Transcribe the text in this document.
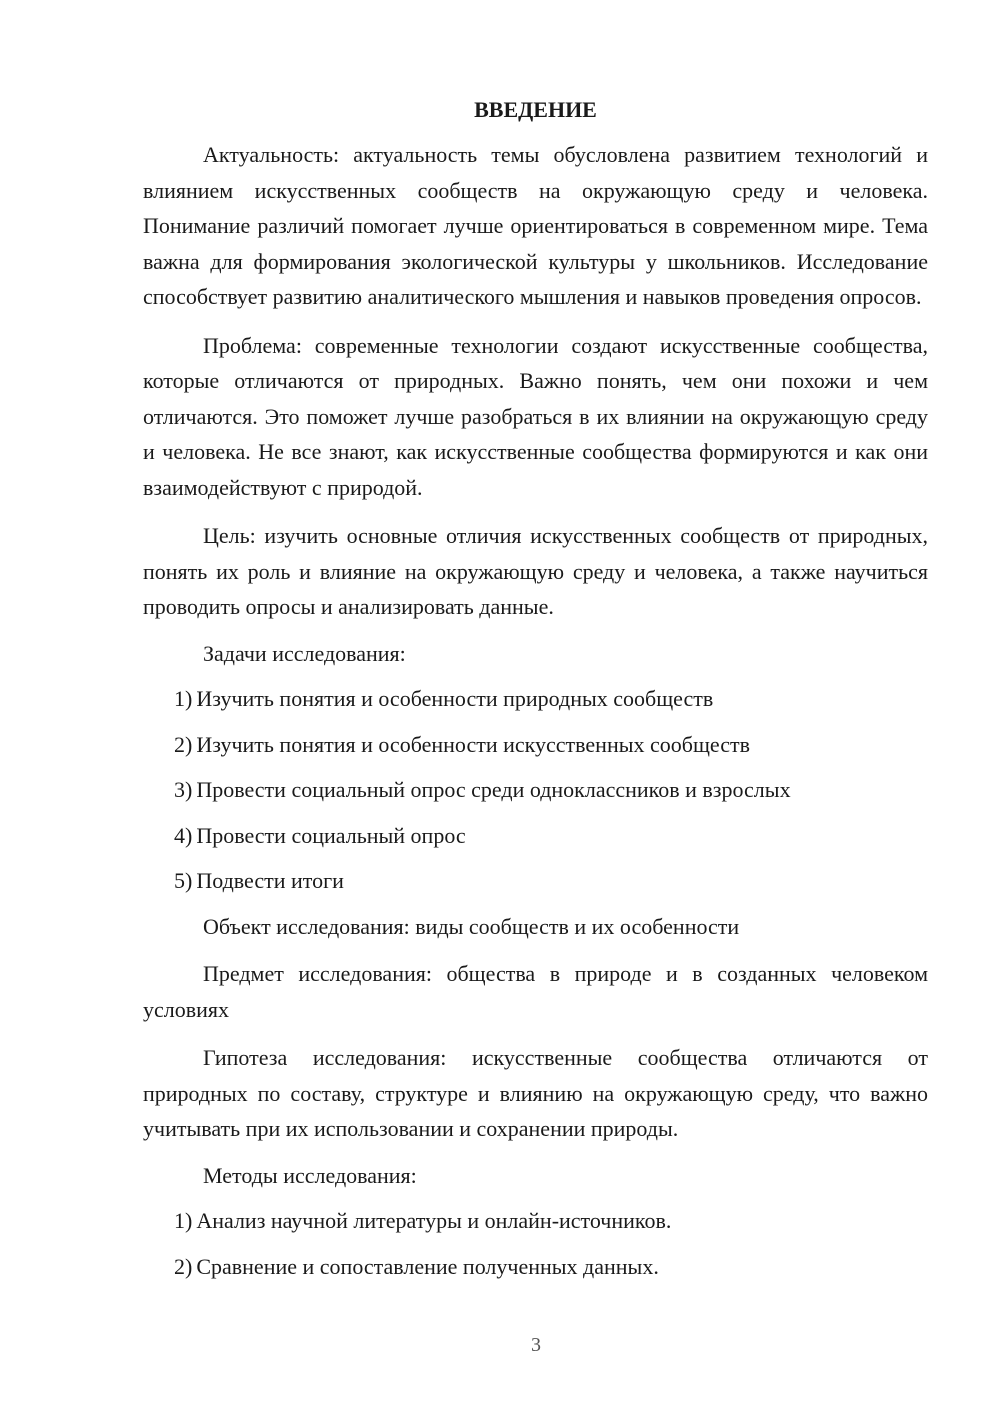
ВВЕДЕНИЕ

Актуальность: актуальность темы обусловлена развитием технологий и влиянием искусственных сообществ на окружающую среду и человека. Понимание различий помогает лучше ориентироваться в современном мире. Тема важна для формирования экологической культуры у школьников. Исследование способствует развитию аналитического мышления и навыков проведения опросов.

Проблема: современные технологии создают искусственные сообщества, которые отличаются от природных. Важно понять, чем они похожи и чем отличаются. Это поможет лучше разобраться в их влиянии на окружающую среду и человека. Не все знают, как искусственные сообщества формируются и как они взаимодействуют с природой.

Цель: изучить основные отличия искусственных сообществ от природных, понять их роль и влияние на окружающую среду и человека, а также научиться проводить опросы и анализировать данные.

Задачи исследования:
1) Изучить понятия и особенности природных сообществ
2) Изучить понятия и особенности искусственных сообществ
3) Провести социальный опрос среди одноклассников и взрослых
4) Провести социальный опрос
5) Подвести итоги
Объект исследования: виды сообществ и их особенности

Предмет исследования: общества в природе и в созданных человеком условиях

Гипотеза исследования: искусственные сообщества отличаются от природных по составу, структуре и влиянию на окружающую среду, что важно учитывать при их использовании и сохранении природы.

Методы исследования:
1) Анализ научной литературы и онлайн-источников.
2) Сравнение и сопоставление полученных данных.
3
